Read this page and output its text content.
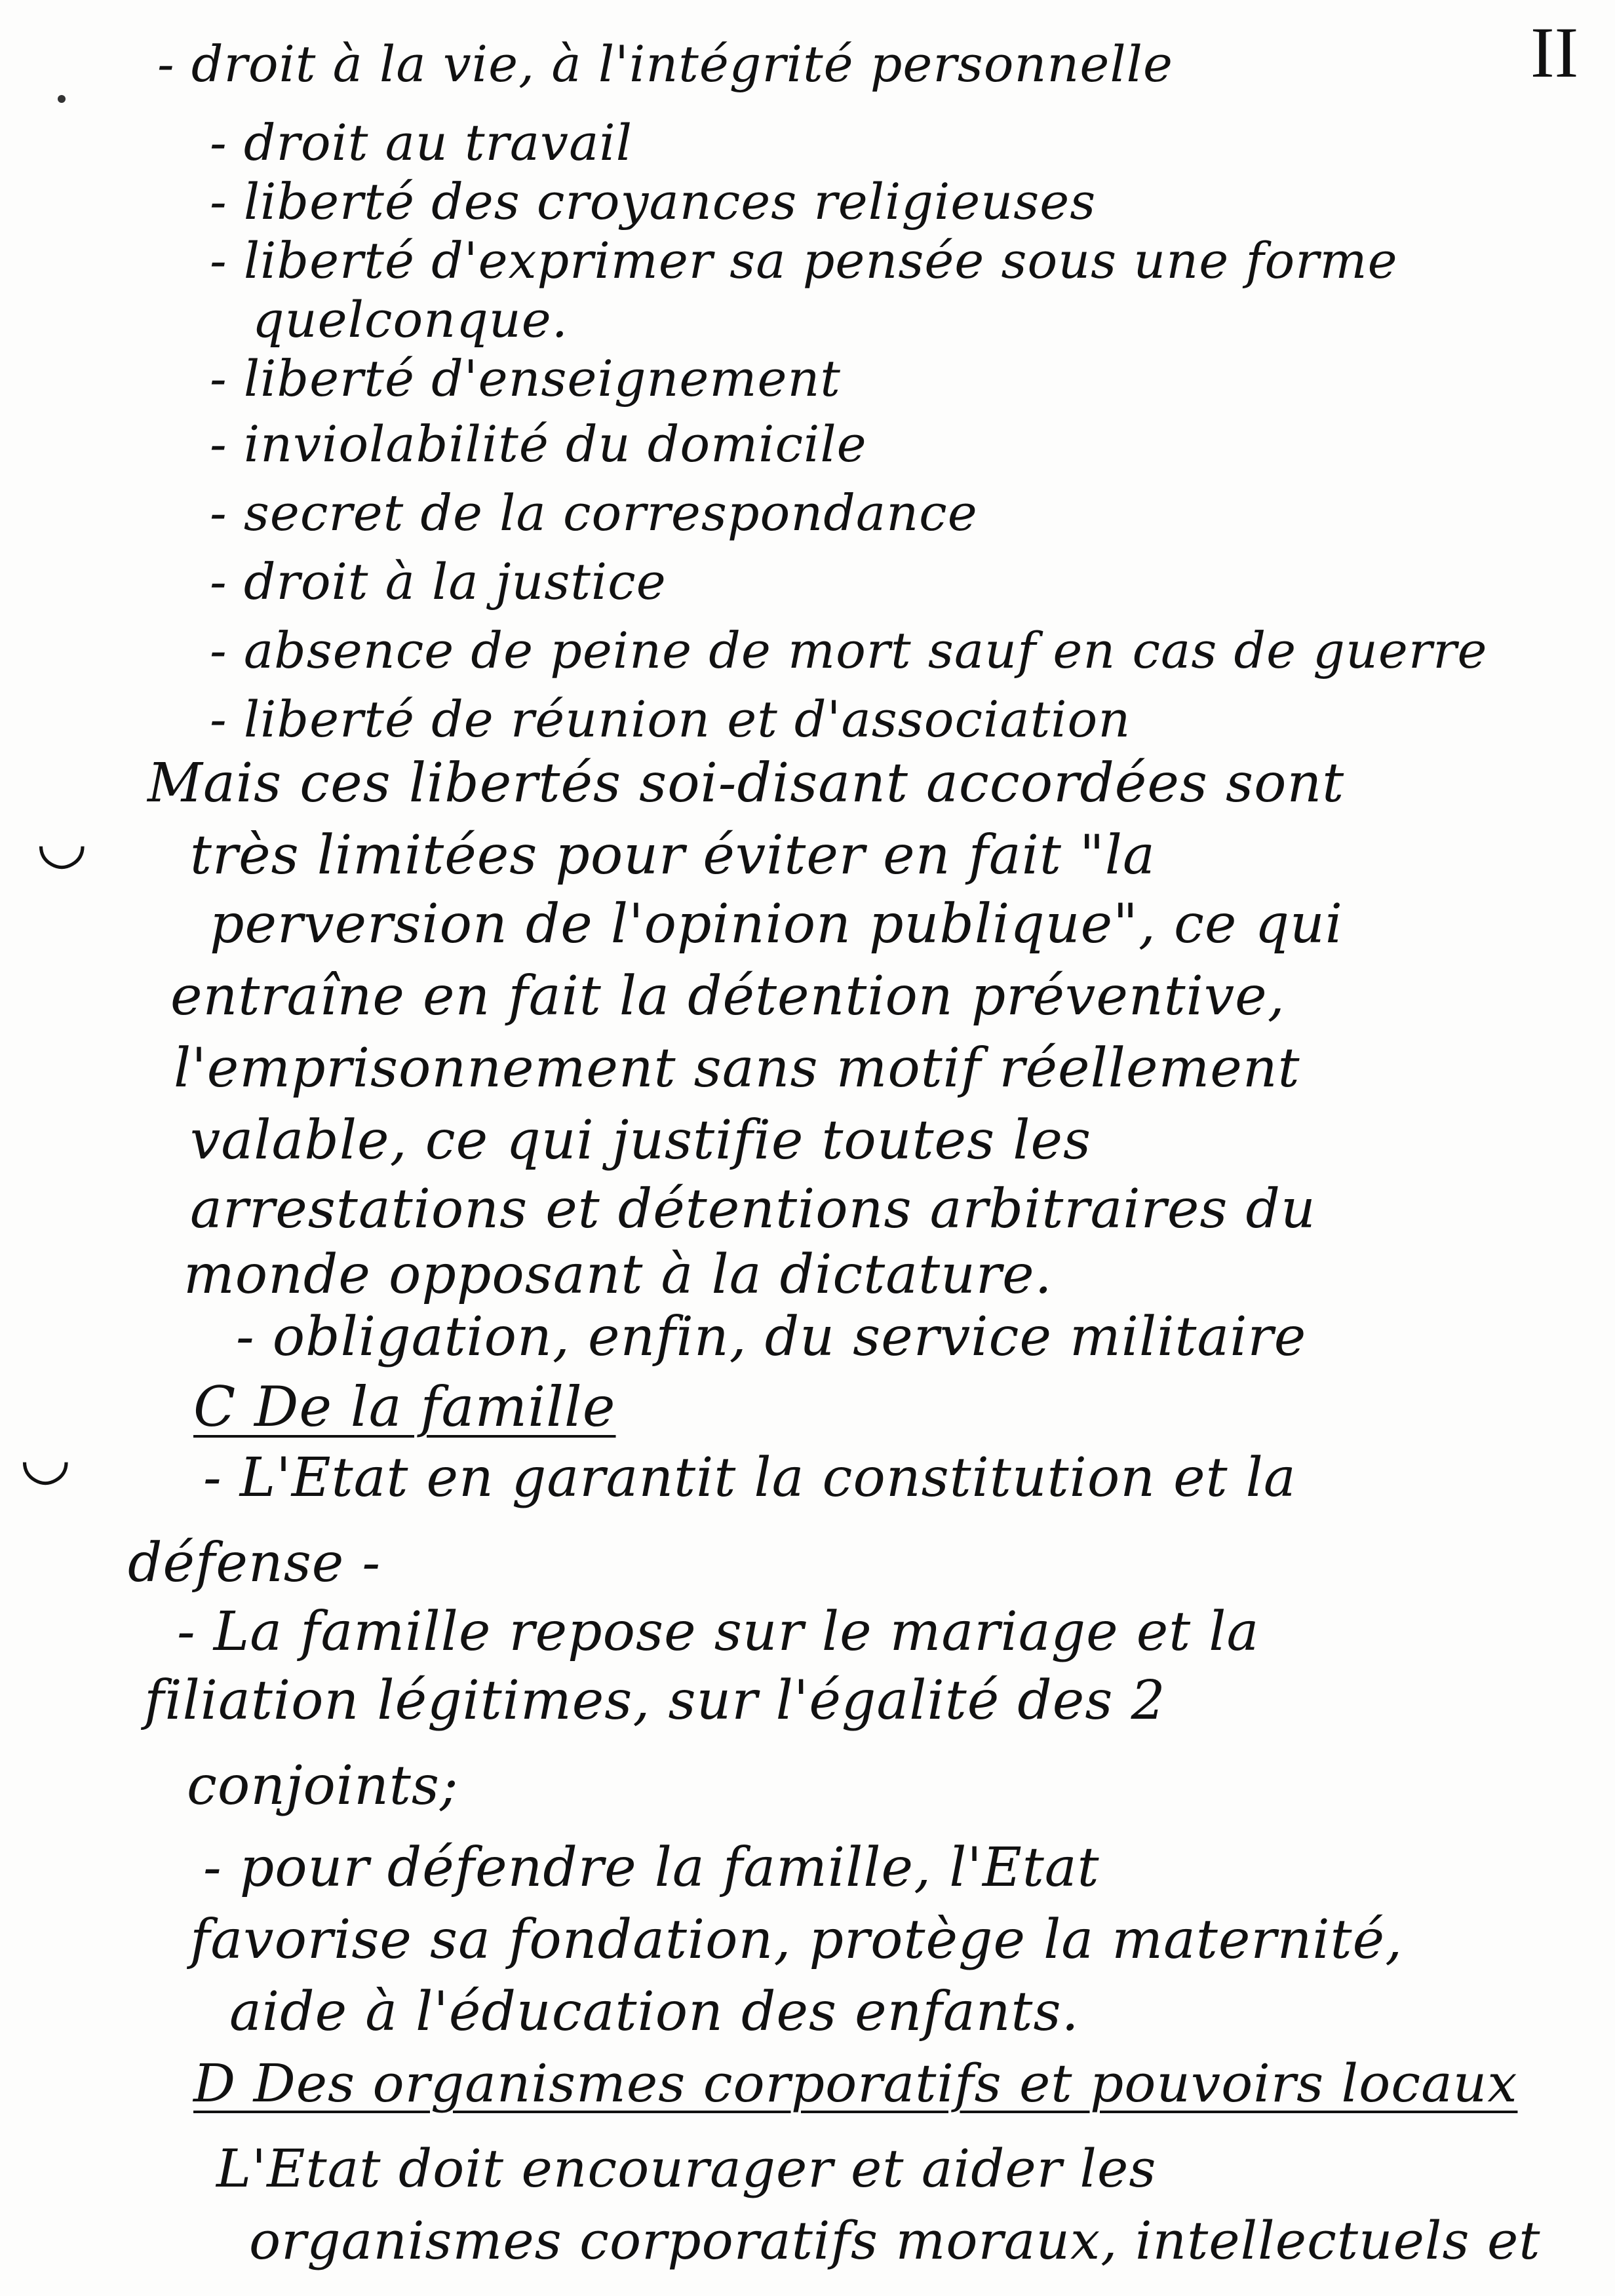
II
◡
◡
- droit à la vie, à l'intégrité personnelle
- droit au travail
- liberté des croyances religieuses
- liberté d'exprimer sa pensée sous une forme
quelconque.
- liberté d'enseignement
- inviolabilité du domicile
- secret de la correspondance
- droit à la justice
- absence de peine de mort sauf en cas de guerre
- liberté de réunion et d'association
Mais ces libertés soi-disant accordées sont
très limitées pour éviter en fait "la
perversion de l'opinion publique", ce qui
entraîne en fait la détention préventive,
l'emprisonnement sans motif réellement
valable, ce qui justifie toutes les
arrestations et détentions arbitraires du
monde opposant à la dictature.
- obligation, enfin, du service militaire
C De la famille
- L'Etat en garantit la constitution et la
défense -
- La famille repose sur le mariage et la
filiation légitimes, sur l'égalité des 2
conjoints;
- pour défendre la famille, l'Etat
favorise sa fondation, protège la maternité,
aide à l'éducation des enfants.
D Des organismes corporatifs et pouvoirs locaux
L'Etat doit encourager et aider les
organismes corporatifs moraux, intellectuels et
